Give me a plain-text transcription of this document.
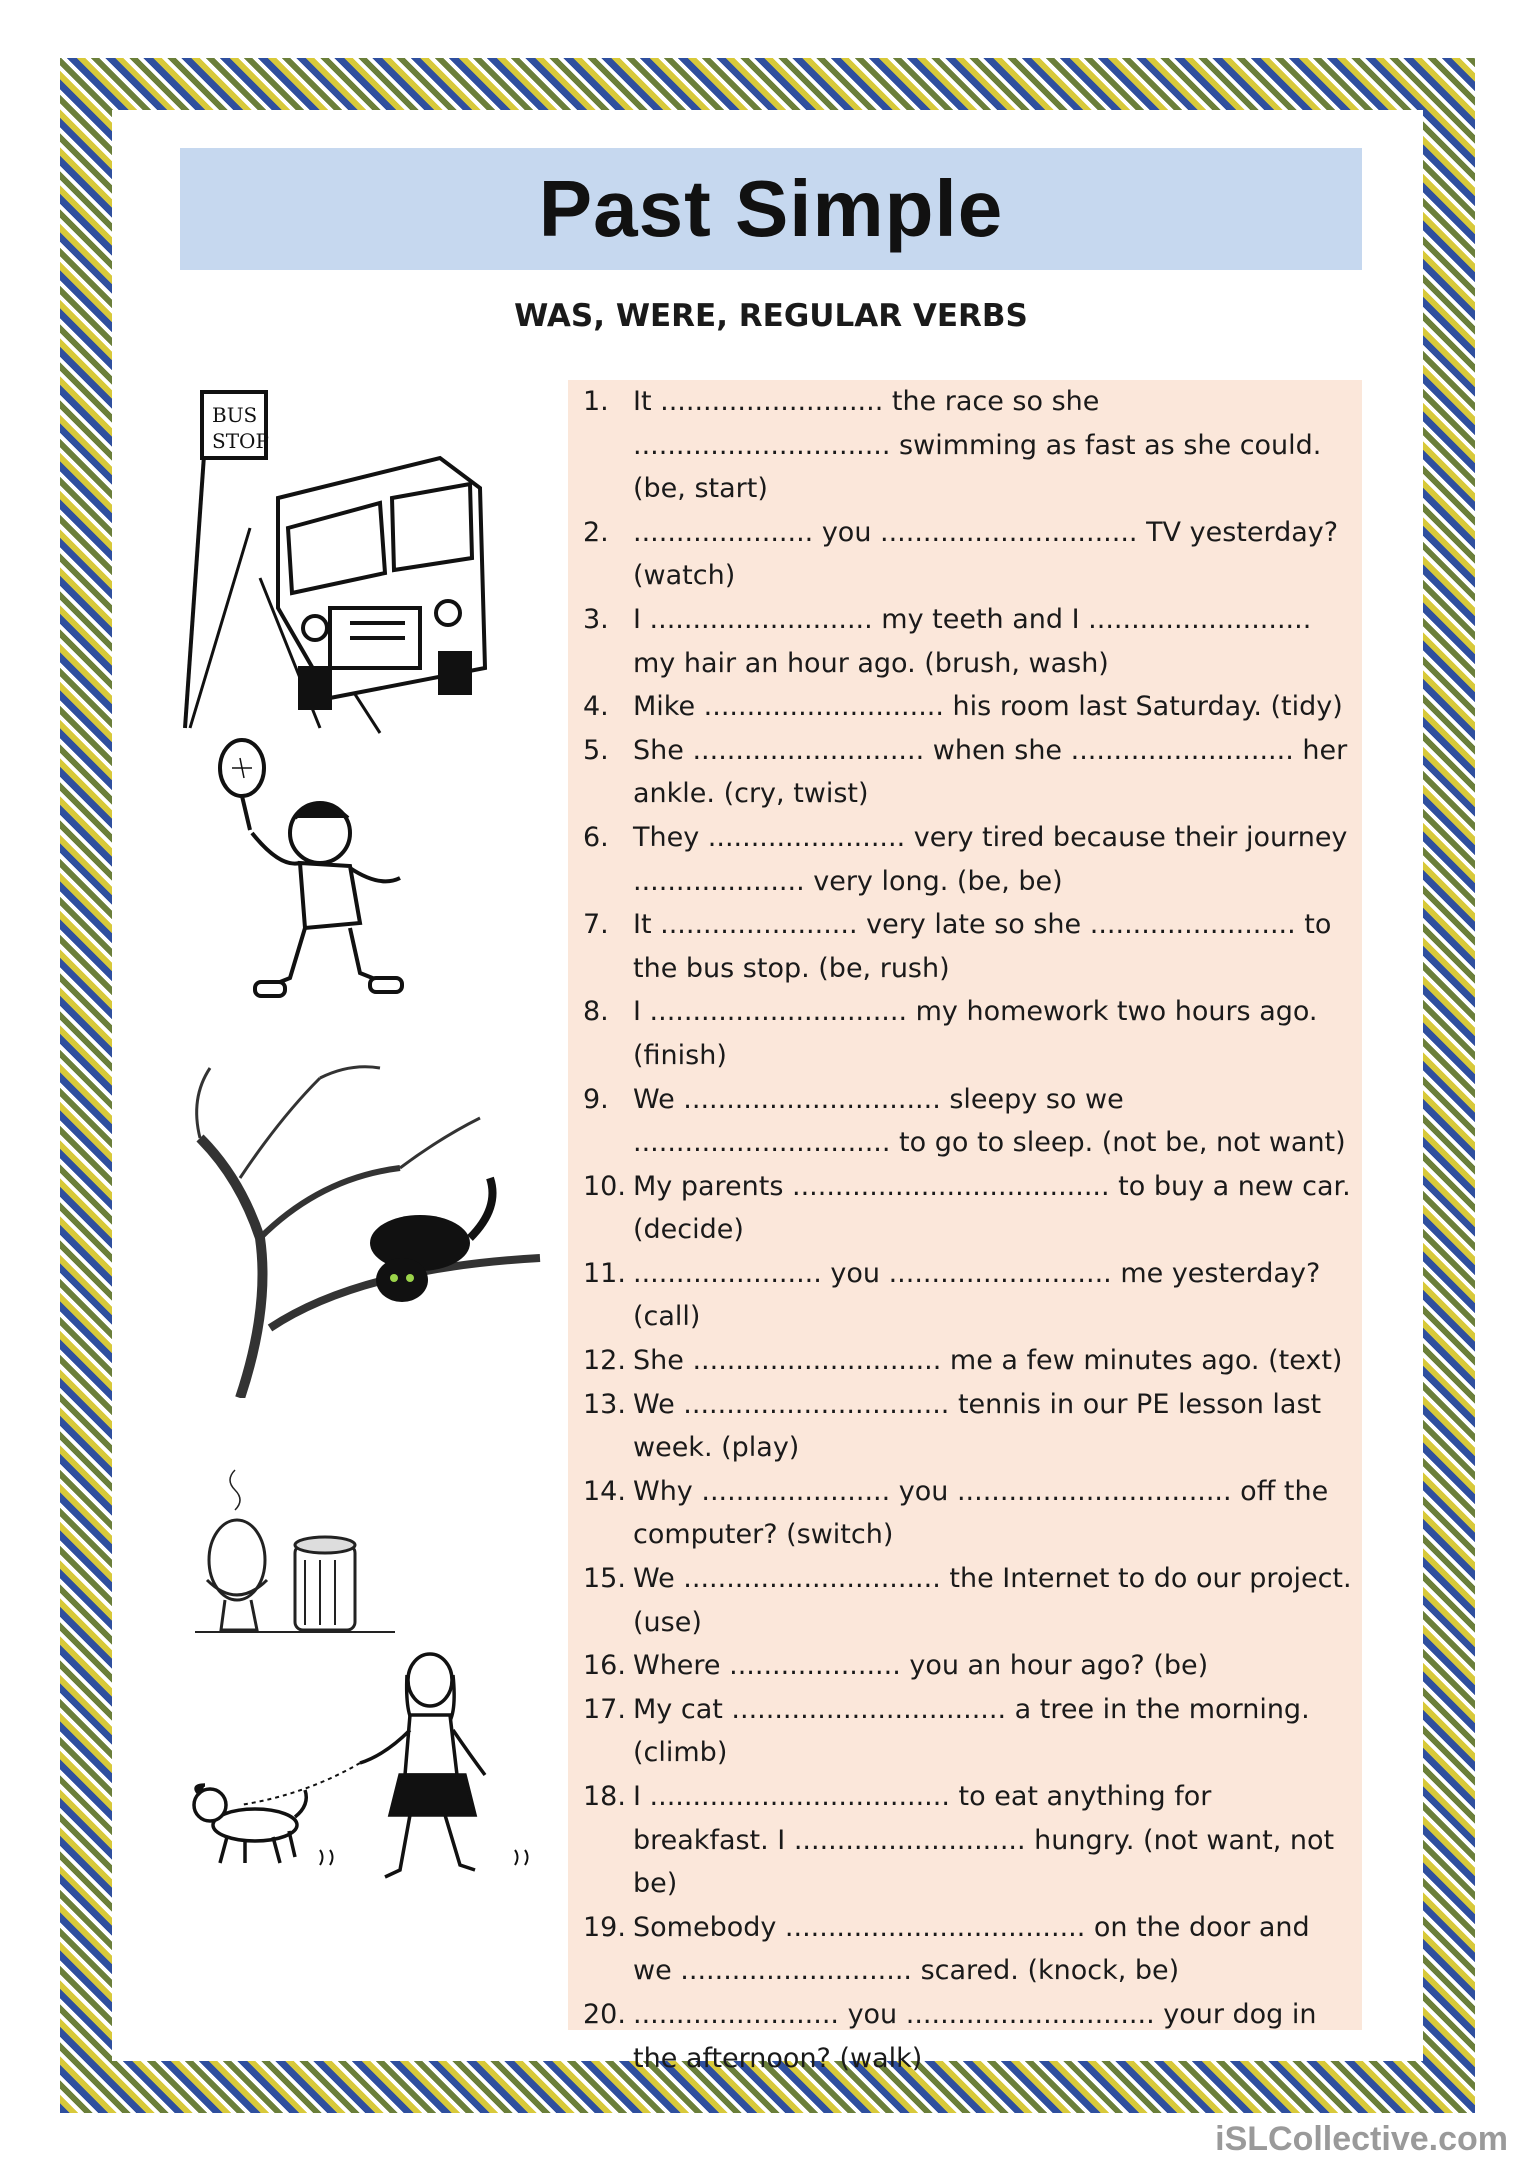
Past Simple
WAS, WERE, REGULAR VERBS
BUS
STOP
1. It .......................... the race so she .............................. swimming as fast as she could. (be, start)
2. ..................... you .............................. TV yesterday? (watch)
3. I .......................... my teeth and I .......................... my hair an hour ago. (brush, wash)
4. Mike ............................ his room last Saturday. (tidy)
5. She ........................... when she .......................... her ankle. (cry, twist)
6. They ....................... very tired because their journey .................... very long. (be, be)
7. It ....................... very late so she ........................ to the bus stop. (be, rush)
8. I .............................. my homework two hours ago. (finish)
9. We .............................. sleepy so we .............................. to go to sleep. (not be, not want)
10. My parents ..................................... to buy a new car. (decide)
11. ...................... you .......................... me yesterday? (call)
12. She ............................. me a few minutes ago. (text)
13. We ............................... tennis in our PE lesson last week. (play)
14. Why ...................... you ................................ off the computer? (switch)
15. We .............................. the Internet to do our project. (use)
16. Where .................... you an hour ago? (be)
17. My cat ................................ a tree in the morning. (climb)
18. I ................................... to eat anything for breakfast. I ........................... hungry. (not want, not be)
19. Somebody ................................... on the door and we ........................... scared. (knock, be)
20. ........................ you ............................. your dog in the afternoon? (walk)
iSLCollective.com
